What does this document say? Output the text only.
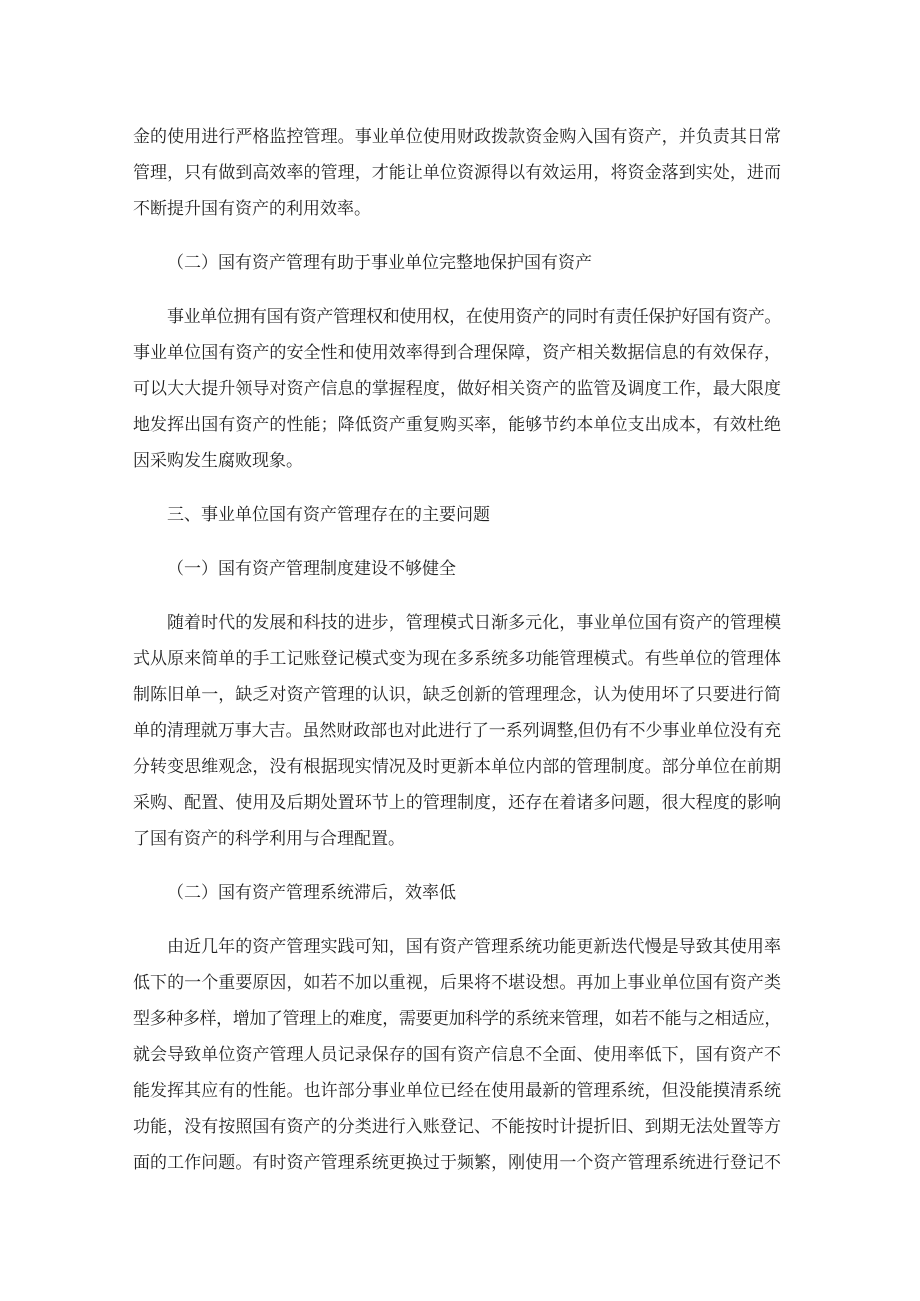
金的使用进行严格监控管理。事业单位使用财政拨款资金购入国有资产，并负责其日常
管理，只有做到高效率的管理，才能让单位资源得以有效运用，将资金落到实处，进而
不断提升国有资产的利用效率。
（二）国有资产管理有助于事业单位完整地保护国有资产
事业单位拥有国有资产管理权和使用权，在使用资产的同时有责任保护好国有资产。
事业单位国有资产的安全性和使用效率得到合理保障，资产相关数据信息的有效保存，
可以大大提升领导对资产信息的掌握程度，做好相关资产的监管及调度工作，最大限度
地发挥出国有资产的性能；降低资产重复购买率，能够节约本单位支出成本，有效杜绝
因采购发生腐败现象。
三、事业单位国有资产管理存在的主要问题
（一）国有资产管理制度建设不够健全
随着时代的发展和科技的进步，管理模式日渐多元化，事业单位国有资产的管理模
式从原来简单的手工记账登记模式变为现在多系统多功能管理模式。有些单位的管理体
制陈旧单一，缺乏对资产管理的认识，缺乏创新的管理理念，认为使用坏了只要进行简
单的清理就万事大吉。虽然财政部也对此进行了一系列调整,但仍有不少事业单位没有充
分转变思维观念，没有根据现实情况及时更新本单位内部的管理制度。部分单位在前期
采购、配置、使用及后期处置环节上的管理制度，还存在着诸多问题，很大程度的影响
了国有资产的科学利用与合理配置。
（二）国有资产管理系统滞后，效率低
由近几年的资产管理实践可知，国有资产管理系统功能更新迭代慢是导致其使用率
低下的一个重要原因，如若不加以重视，后果将不堪设想。再加上事业单位国有资产类
型多种多样，增加了管理上的难度，需要更加科学的系统来管理，如若不能与之相适应，
就会导致单位资产管理人员记录保存的国有资产信息不全面、使用率低下，国有资产不
能发挥其应有的性能。也许部分事业单位已经在使用最新的管理系统，但没能摸清系统
功能，没有按照国有资产的分类进行入账登记、不能按时计提折旧、到期无法处置等方
面的工作问题。有时资产管理系统更换过于频繁，刚使用一个资产管理系统进行登记不
